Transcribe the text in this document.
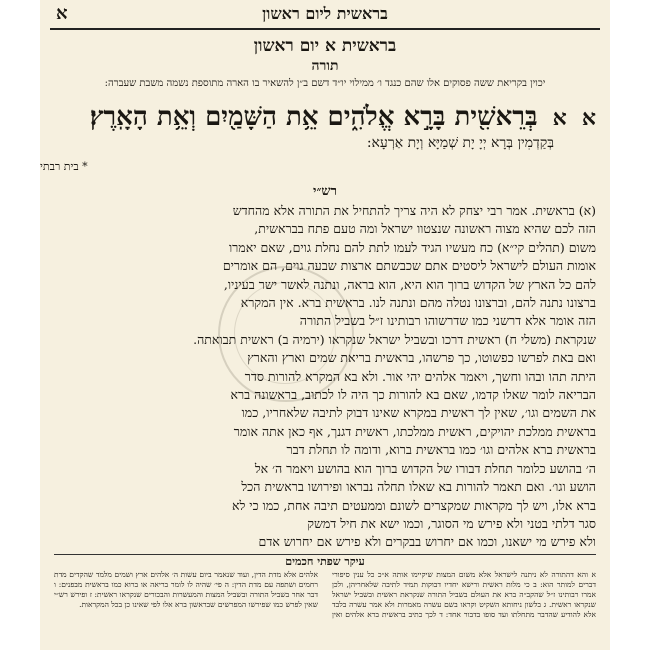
בראשית ליום ראשון
א
בראשית א יום ראשון
תורה
יכוין בקריאת ששה פסוקים אלו שהם כנגד ו׳ ממילוי יו״ד דשם ב״ן להשאיר בו הארה מתוספת נשמה משבת שעברה:
א א בְּרֵאשִׁ֖ית בָּרָ֣א אֱלֹהִ֑ים אֵ֥ת הַשָּׁמַ֖יִם וְאֵ֥ת הָאָֽרֶץ׃
בְּקַדְמִין בְּרָא יְיָ יָת שְׁמַיָּא וְיָת אַרְעָא:
* בית רבתי
רש״י

(א) בראשית. אמר רבי יצחק לא היה צריך להתחיל את התורה אלא מהחדש

הזה לכם שהיא מצוה ראשונה שנצטוו ישראל ומה טעם פתח בבראשית,

משום (תהלים קי״א) כח מעשיו הגיד לעמו לתת להם נחלת גוים, שאם יאמרו

אומות העולם לישראל ליסטים אתם שכבשתם ארצות שבעה גוים, הם אומרים

להם כל הארץ של הקדוש ברוך הוא היא, הוא בראה, ונתנה לאשר ישר בעיניו,

ברצונו נתנה להם, וברצונו נטלה מהם ונתנה לנו. בראשית ברא. אין המקרא

הזה אומר אלא דרשני כמו שדרשוהו רבותינו ז״ל בשביל התורה

שנקראת (משלי ח) ראשית דרכו ובשביל ישראל שנקראו (ירמיה ב) ראשית תבואתה.

ואם באת לפרשו כפשוטו, כך פרשהו, בראשית בריאת שמים וארץ והארץ

היתה תהו ובהו וחשך, ויאמר אלהים יהי אור. ולא בא המקרא להורות סדר

הבריאה לומר שאלו קדמו, שאם בא להורות כך היה לו לכתוב, בראשונה ברא

את השמים וגו׳, שאין לך ראשית במקרא שאינו דבוק לתיבה שלאחריו, כמו

בראשית ממלכת יהויקים, ראשית ממלכתו, ראשית דגנך, אף כאן אתה אומר

בראשית ברא אלהים וגו׳ כמו בראשית ברוא, ודומה לו תחלת דבר

ה׳ בהושע כלומר תחלת דבורו של הקדוש ברוך הוא בהושע ויאמר ה׳ אל

הושע וגו׳. ואם תאמר להורות בא שאלו תחלה נבראו ופירושו בראשית הכל

ברא אלו, ויש לך מקראות שמקצרים לשונם וממעטים תיבה אחת, כמו כי לא

סגר דלתי בטני ולא פירש מי הסוגר, וכמו ישא את חיל דמשק

ולא פירש מי ישאנו, וכמו אם יחרוש בבקרים ולא פירש אם יחרוש אדם

עיקר שפתי חכמים
א והא דהתורה לא ניתנה לישראל אלא משום המצות שיקיימו אותה א״כ כל ענין סיפורי דברים למותר הוא: ב כי מלות ראשית ורישא יחדיו דבוקות תמיד לתיבה שלאחריהן, ולכן אמרו רבותינו ז״ל שהקב״ה ברא את העולם בשביל התורה שנקראת ראשית ובשביל ישראל שנקראו ראשית. ג בלשון ניחותא השקיט וקראו בשם עשרה מאמרות ולא אמר עשרה בלבד אלא להודיע שהדבר מתחלתו ועד סופו בדבור אחד: ד לכך כתיב בראשית ברא אלהים ואין אלהים אלא מדת הדין, ועוד שנאמר ביום עשות ה׳ אלהים ארץ ושמים מלמד שהקדים מדת רחמים ושתפה עם מדת הדין: ה פי׳ שהיה לו לומר בריאה או ברוא כמו בראשית מבפנים: ו דבר אחר בשביל התורה ובשביל המצות והמעשרות והבכורים שנקראו ראשית: ז ופירש רש״י שאין לפרש כמו שפירשו המפרשים שבראשון ברא אלו לפי שאינו כן בכל המקראות.
